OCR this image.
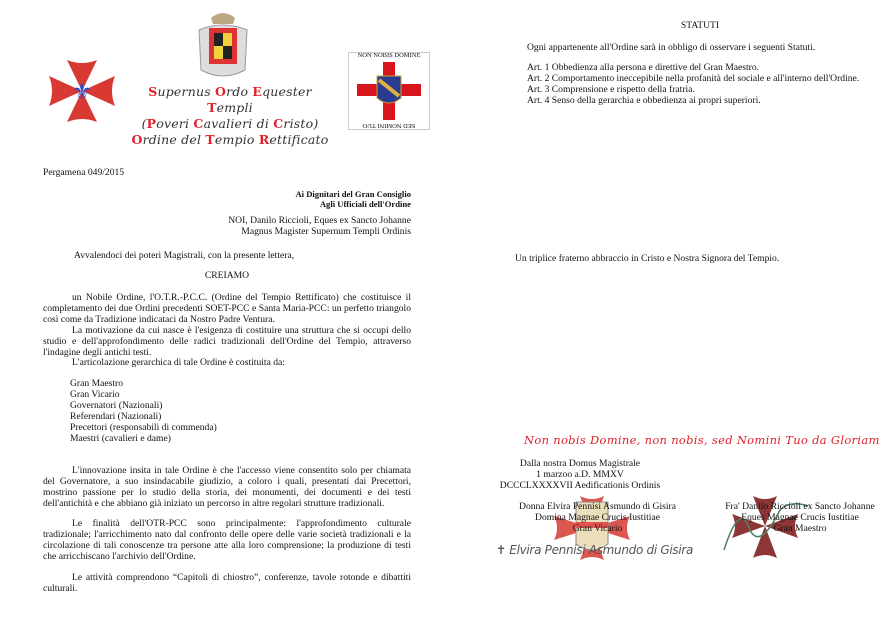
⚜	Supernus Ordo Equester Templi
(Poveri Cavalieri di Cristo)
Ordine del Tempio Rettificato
NON NOBIS DOMINE
SED NOMINI TUO
Pergamena 049/2015
Ai Dignitari del Gran Consiglio
Agli Ufficiali dell'Ordine
NOI, Danilo Riccioli, Eques ex Sancto Johanne
Magnus Magister Supernum Templi Ordinis
Avvalendoci dei poteri Magistrali, con la presente lettera,
CREIAMO

un Nobile Ordine, l'O.T.R.-P.C.C. (Ordine del Tempio Rettificato) che costituisce il completamento dei due Ordini precedenti SOET-PCC e Santa Maria-PCC: un perfetto triangolo così come da Tradizione indicataci da Nostro Padre Ventura.

La motivazione da cui nasce è l'esigenza di costituire una struttura che si occupi dello studio e dell'approfondimento delle radici tradizionali dell'Ordine del Tempio, attraverso l'indagine degli antichi testi.

L'articolazione gerarchica di tale Ordine è costituita da:

Gran Maestro
Gran Vicario
Governatori (Nazionali)
Referendari (Nazionali)
Precettori (responsabili di commenda)
Maestri (cavalieri e dame)

L'innovazione insita in tale Ordine è che l'accesso viene consentito solo per chiamata del Governatore, a suo insindacabile giudizio, a coloro i quali, presentati dai Precettori, mostrino passione per lo studio della storia, dei monumenti, dei documenti e dei testi dell'antichità e che abbiano già iniziato un percorso in altre regolari strutture tradizionali.

Le finalità dell'OTR-PCC sono principalmente: l'approfondimento culturale tradizionale; l'arricchimento nato dal confronto delle opere delle varie società tradizionali e la circolazione di tali conoscenze tra persone atte alla loro comprensione; la produzione di testi che arricchiscano l'archivio dell'Ordine.

Le attività comprendono “Capitoli di chiostro”, conferenze, tavole rotonde e dibattiti culturali.

STATUTI
Ogni appartenente all'Ordine sarà in obbligo di osservare i seguenti Statuti.
Art. 1 Obbedienza alla persona e direttive del Gran Maestro.
Art. 2 Comportamento ineccepibile nella profanità del sociale e all'interno dell'Ordine.
Art. 3 Comprensione e rispetto della fratria.
Art. 4 Senso della gerarchia e obbedienza ai propri superiori.
Un triplice fraterno abbraccio in Cristo e Nostra Signora del Tempio.
Non nobis Domine, non nobis, sed Nomini Tuo da Gloriam
Dalla nostra Domus Magistrale
1 marzoo a.D. MMXV
DCCCLXXXXVII Aedificationis Ordinis
Donna Elvira Pennisi Asmundo di Gisira
Domina Magnae Crucis Iustitiae
Gran Vicario
Fra' Danilo Riccioli ex Sancto Johanne
Eques Magnae Crucis Iustitiae
Gran Maestro
✝ Elvira Pennisi Asmundo di Gisira
